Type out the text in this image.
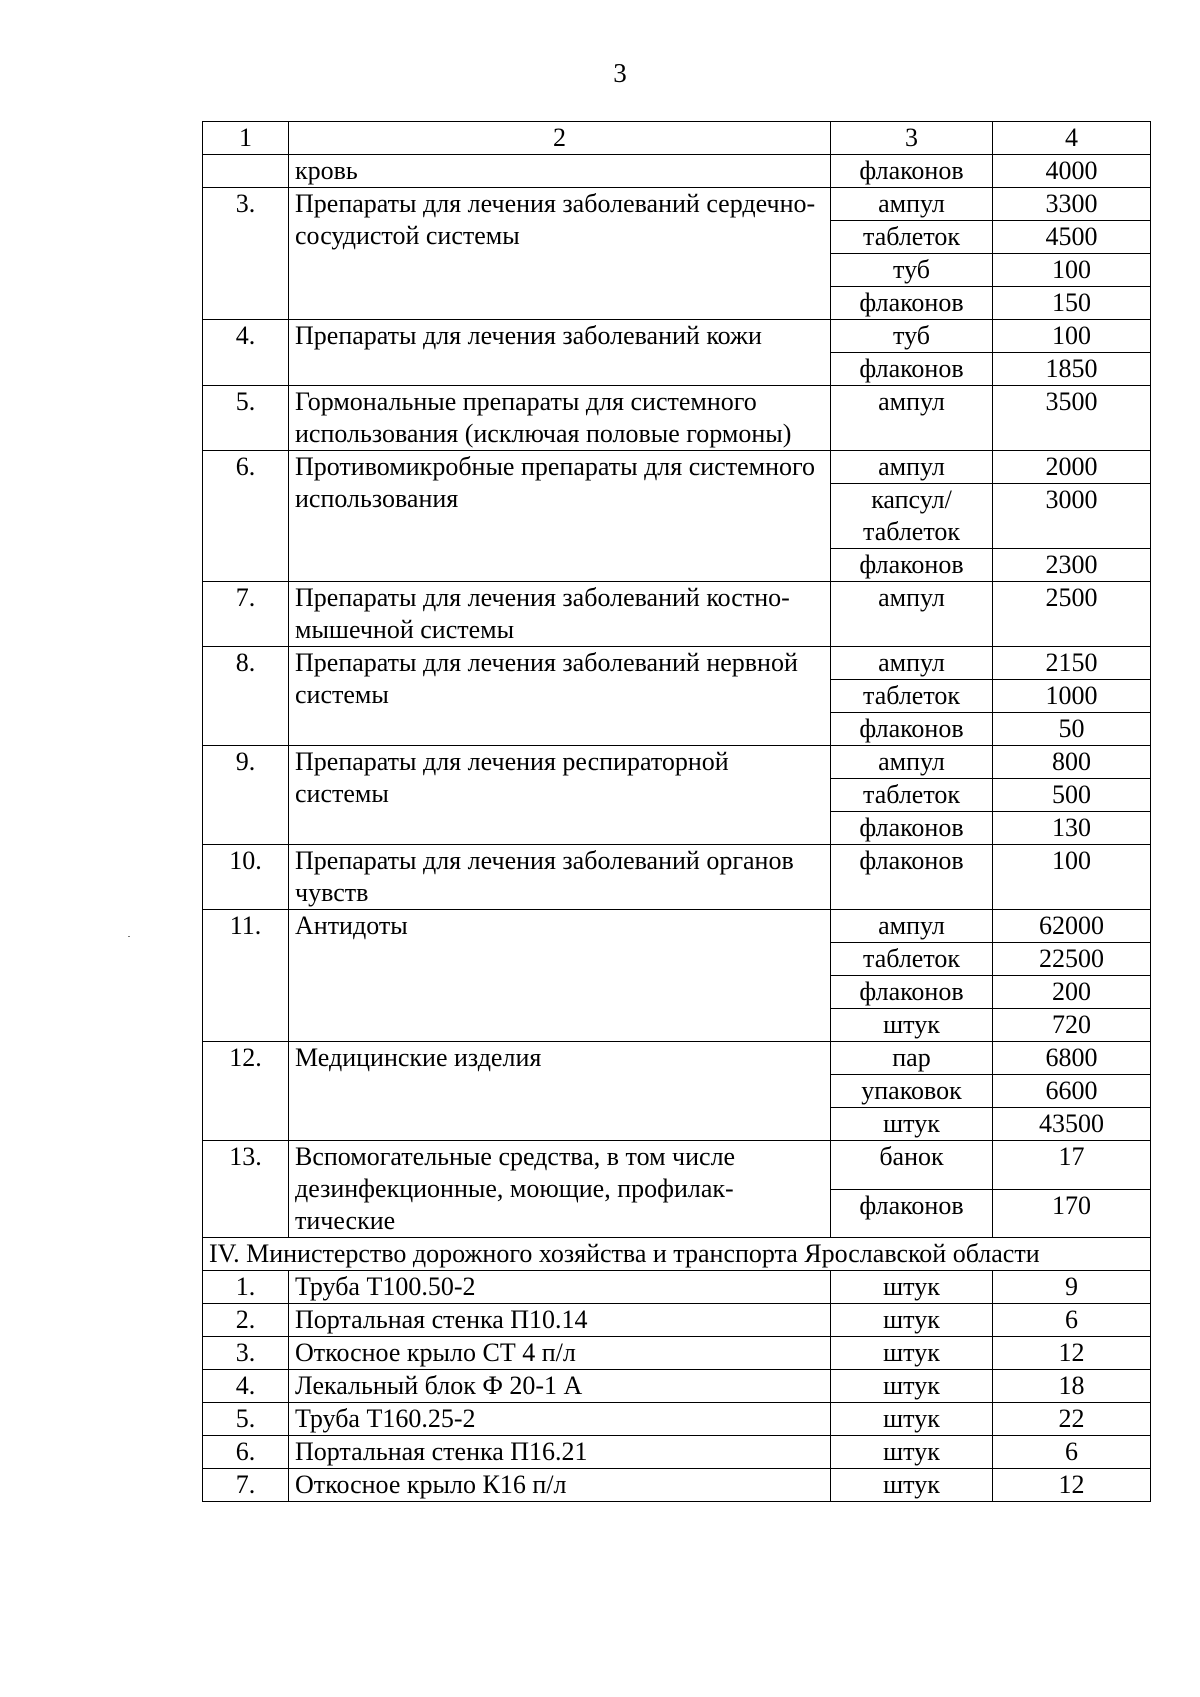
3
1	2	3	4
	кровь	флаконов	4000
3.	Препараты для лечения заболеваний сердечно-сосудистой системы	ампул	3300
		таблеток	4500
		туб	100
		флаконов	150
4.	Препараты для лечения заболеваний кожи	туб	100
		флаконов	1850
5.	Гормональные препараты для системного использования (исключая половые гормоны)	ампул	3500
6.	Противомикробные препараты для системного использования	ампул	2000
		капсул/ таблеток	3000
		флаконов	2300
7.	Препараты для лечения заболеваний костно-мышечной системы	ампул	2500
8.	Препараты для лечения заболеваний нервной системы	ампул	2150
		таблеток	1000
		флаконов	50
9.	Препараты для лечения респираторной системы	ампул	800
		таблеток	500
		флаконов	130
10.	Препараты для лечения заболеваний органов чувств	флаконов	100
11.	Антидоты	ампул	62000
		таблеток	22500
		флаконов	200
		штук	720
12.	Медицинские изделия	пар	6800
		упаковок	6600
		штук	43500
13.	Вспомогательные средства, в том числе дезинфекционные, моющие, профилак-тические	банок	17
		флаконов	170
IV. Министерство дорожного хозяйства и транспорта Ярославской области			
1.	Труба Т100.50-2	штук	9
2.	Портальная стенка П10.14	штук	6
3.	Откосное крыло СТ 4 п/л	штук	12
4.	Лекальный блок Ф 20-1 А	штук	18
5.	Труба Т160.25-2	штук	22
6.	Портальная стенка П16.21	штук	6
7.	Откосное крыло К16 п/л	штук	12
